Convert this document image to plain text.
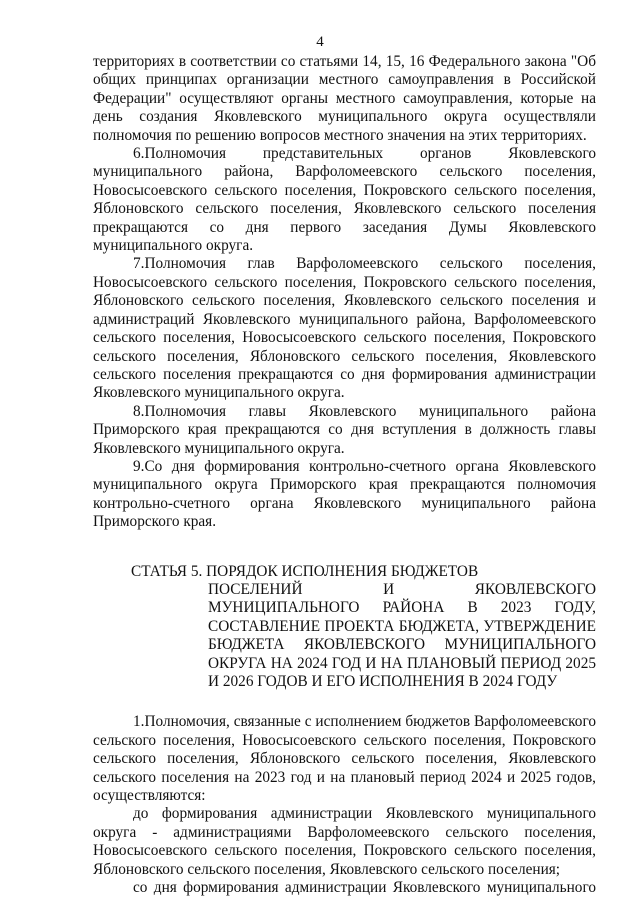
4

территориях в соответствии со статьями 14, 15, 16 Федерального закона "Об общих принципах организации местного самоуправления в Российской Федерации" осуществляют органы местного самоуправления, которые на день создания Яковлевского муниципального округа осуществляли полномочия по решению вопросов местного значения на этих территориях.

6.Полномочия представительных органов Яковлевского муниципального района, Варфоломеевского сельского поселения, Новосысоевского сельского поселения, Покровского сельского поселения, Яблоновского сельского поселения, Яковлевского сельского поселения прекращаются со дня первого заседания Думы Яковлевского муниципального округа.

7.Полномочия глав Варфоломеевского сельского поселения, Новосысоевского сельского поселения, Покровского сельского поселения, Яблоновского сельского поселения, Яковлевского сельского поселения и администраций Яковлевского муниципального района, Варфоломеевского сельского поселения, Новосысоевского сельского поселения, Покровского сельского поселения, Яблоновского сельского поселения, Яковлевского сельского поселения прекращаются со дня формирования администрации Яковлевского муниципального округа.

8.Полномочия главы Яковлевского муниципального района Приморского края прекращаются со дня вступления в должность главы Яковлевского муниципального округа.

9.Со дня формирования контрольно-счетного органа Яковлевского муниципального округа Приморского края прекращаются полномочия контрольно-счетного органа Яковлевского муниципального района Приморского края.

СТАТЬЯ 5. ПОРЯДОК ИСПОЛНЕНИЯ БЮДЖЕТОВ
ПОСЕЛЕНИЙ И ЯКОВЛЕВСКОГО МУНИЦИПАЛЬНОГО РАЙОНА В 2023 ГОДУ, СОСТАВЛЕНИЕ ПРОЕКТА БЮДЖЕТА, УТВЕРЖДЕНИЕ БЮДЖЕТА ЯКОВЛЕВСКОГО МУНИЦИПАЛЬНОГО ОКРУГА НА 2024 ГОД И НА ПЛАНОВЫЙ ПЕРИОД 2025 И 2026 ГОДОВ И ЕГО ИСПОЛНЕНИЯ В 2024 ГОДУ

1.Полномочия, связанные с исполнением бюджетов Варфоломеевского сельского поселения, Новосысоевского сельского поселения, Покровского сельского поселения, Яблоновского сельского поселения, Яковлевского сельского поселения на 2023 год и на плановый период 2024 и 2025 годов, осуществляются:

до формирования администрации Яковлевского муниципального округа - администрациями Варфоломеевского сельского поселения, Новосысоевского сельского поселения, Покровского сельского поселения, Яблоновского сельского поселения, Яковлевского сельского поселения;

со дня формирования администрации Яковлевского муниципального
